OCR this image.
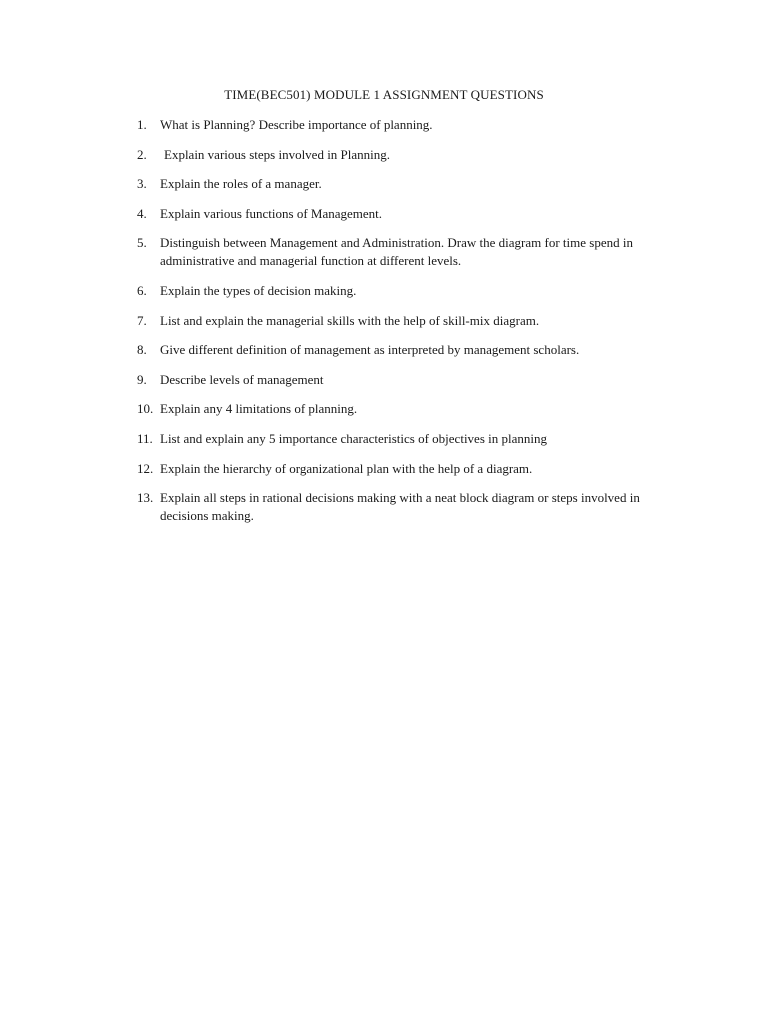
TIME(BEC501) MODULE 1 ASSIGNMENT QUESTIONS
1.	What is Planning? Describe importance of planning.
2.	Explain various steps involved in Planning.
3.	Explain the roles of a manager.
4.	Explain various functions of Management.
5.	Distinguish between Management and Administration. Draw the diagram for time spend in administrative and managerial function at different levels.
6.	Explain the types of decision making.
7.	List and explain the managerial skills with the help of skill-mix diagram.
8.	Give different definition of management as interpreted by management scholars.
9.	Describe levels of management
10. Explain any 4 limitations of planning.
11. List and explain any 5 importance characteristics of objectives in planning
12. Explain the hierarchy of organizational plan with the help of a diagram.
13. Explain all steps in rational decisions making with a neat block diagram or steps involved in decisions making.
